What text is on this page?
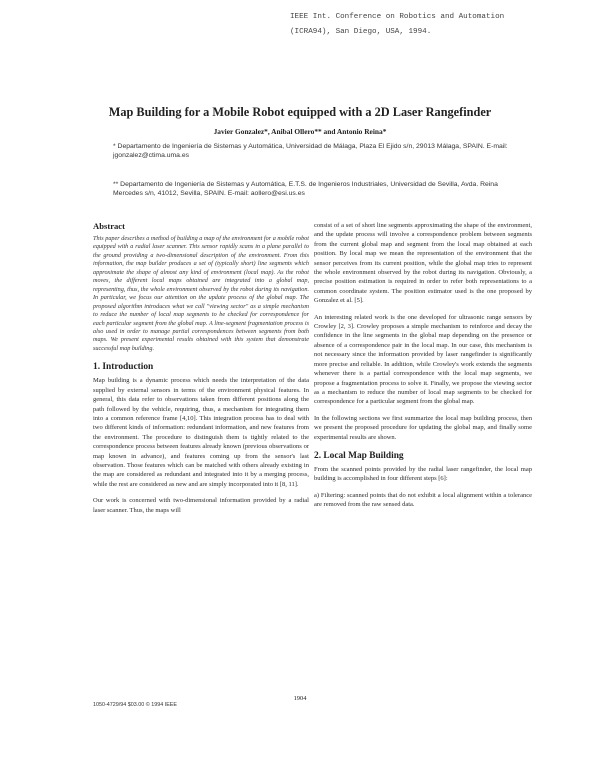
IEEE Int. Conference on Robotics and Automation
(ICRA94), San Diego, USA, 1994.
Map Building for a Mobile Robot equipped with a 2D Laser Rangefinder
Javier Gonzalez*, Anibal Ollero** and Antonio Reina*
* Departamento de Ingeniería de Sistemas y Automática, Universidad de Málaga, Plaza El Ejido s/n, 29013 Málaga, SPAIN. E-mail: jgonzalez@ctima.uma.es
** Departamento de Ingeniería de Sistemas y Automática, E.T.S. de Ingenieros Industriales, Universidad de Sevilla, Avda. Reina Mercedes s/n, 41012, Sevilla, SPAIN. E-mail: aollero@esi.us.es
Abstract

This paper describes a method of building a map of the environment for a mobile robot equipped with a radial laser scanner. This sensor rapidly scans in a plane parallel to the ground providing a two-dimensional description of the environment. From this information, the map builder produces a set of (typically short) line segments which approximate the shape of almost any kind of environment (local map). As the robot moves, the different local maps obtained are integrated into a global map, representing, thus, the whole environment observed by the robot during its navigation. In particular, we focus our attention on the update process of the global map. The proposed algorithm introduces what we call "viewing sector" as a simple mechanism to reduce the number of local map segments to be checked for correspondence for each particular segment from the global map. A line-segment fragmentation process is also used in order to manage partial correspondences between segments from both maps. We present experimental results obtained with this system that demonstrate successful map building.

1. Introduction

Map building is a dynamic process which needs the interpretation of the data supplied by external sensors in terms of the environment physical features. In general, this data refer to observations taken from different positions along the path followed by the vehicle, requiring, thus, a mechanism for integrating them into a common reference frame [4,10]. This integration process has to deal with two different kinds of information: redundant information, and new features from the environment. The procedure to distinguish them is tightly related to the correspondence process between features already known (previous observations or map known in advance), and features coming up from the sensor's last observation. Those features which can be matched with others already existing in the map are considered as redundant and integrated into it by a merging process, while the rest are considered as new and are simply incorporated into it [8, 11].

Our work is concerned with two-dimensional information provided by a radial laser scanner. Thus, the maps will

consist of a set of short line segments approximating the shape of the environment, and the update process will involve a correspondence problem between segments from the current global map and segment from the local map obtained at each position. By local map we mean the representation of the environment that the sensor perceives from its current position, while the global map tries to represent the whole environment observed by the robot during its navigation. Obviously, a precise position estimation is required in order to refer both representations to a common coordinate system. The position estimator used is the one proposed by Gonzalez et al. [5].

An interesting related work is the one developed for ultrasonic range sensors by Crowley [2, 3]. Crowley proposes a simple mechanism to reinforce and decay the confidence in the line segments in the global map depending on the presence or absence of a correspondence pair in the local map. In our case, this mechanism is not necessary since the information provided by laser rangefinder is significantly more precise and reliable. In addition, while Crowley's work extends the segments whenever there is a partial correspondence with the local map segments, we propose a fragmentation process to solve it. Finally, we propose the viewing sector as a mechanism to reduce the number of local map segments to be checked for correspondence for a particular segment from the global map.

In the following sections we first summarize the local map building process, then we present the proposed procedure for updating the global map, and finally some experimental results are shown.

2. Local Map Building

From the scanned points provided by the radial laser rangefinder, the local map building is accomplished in four different steps [6]:

a) Filtering: scanned points that do not exhibit a local alignment within a tolerance are removed from the raw sensed data.

1904
1050-4729/94 $03.00 © 1994 IEEE
